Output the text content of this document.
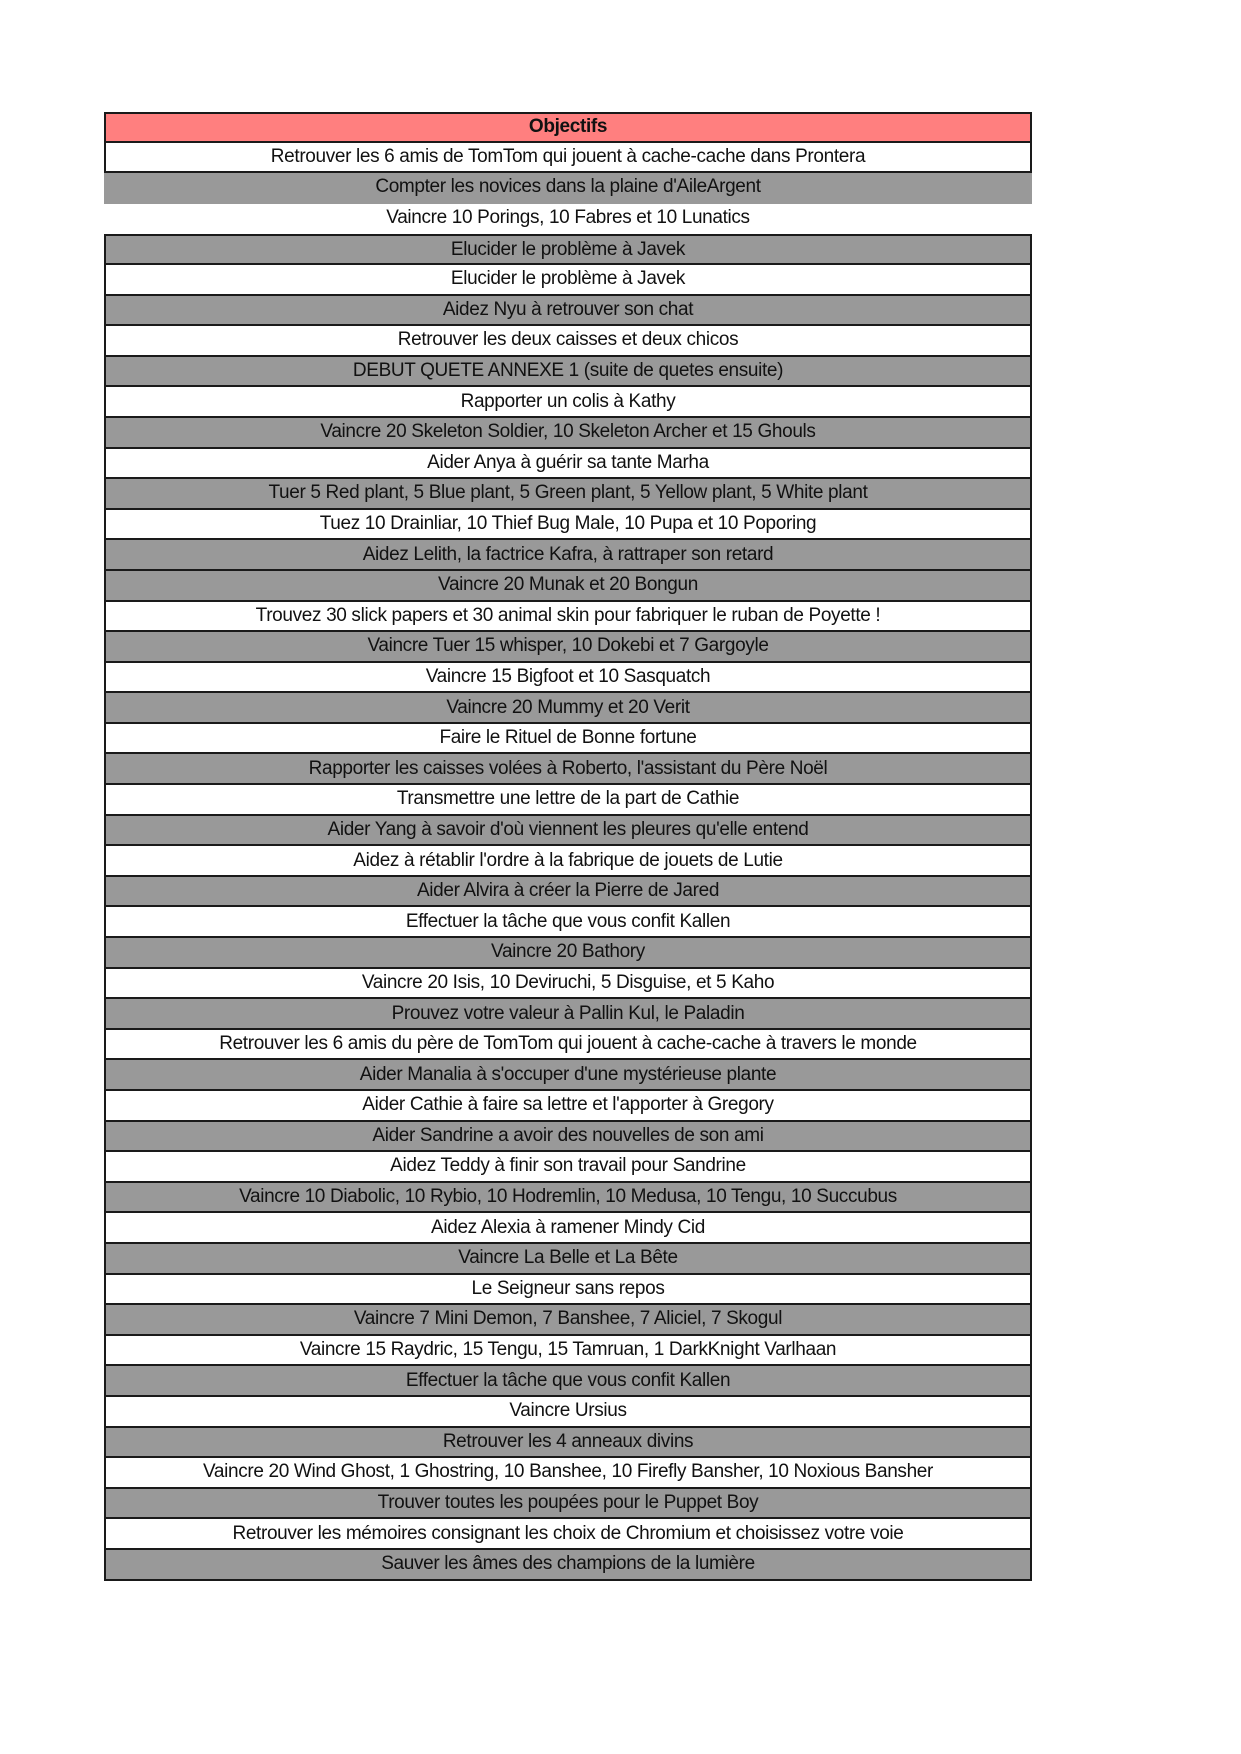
Objectifs
Retrouver les 6 amis de TomTom qui jouent à cache-cache dans Prontera
Compter les novices dans la plaine d'AileArgent
Vaincre 10 Porings, 10 Fabres et 10 Lunatics
Elucider le problème à Javek
Elucider le problème à Javek
Aidez Nyu à retrouver son chat
Retrouver les deux caisses et deux chicos
DEBUT QUETE ANNEXE 1 (suite de quetes ensuite)
Rapporter un colis à Kathy
Vaincre 20 Skeleton Soldier, 10 Skeleton Archer et 15 Ghouls
Aider Anya à guérir sa tante Marha
Tuer 5 Red plant, 5 Blue plant, 5 Green plant, 5 Yellow plant, 5 White plant
Tuez 10 Drainliar, 10 Thief Bug Male, 10 Pupa et 10 Poporing
Aidez Lelith, la factrice Kafra, à rattraper son retard
Vaincre 20 Munak et 20 Bongun
Trouvez 30 slick papers et 30 animal skin pour fabriquer le ruban de Poyette !
Vaincre Tuer 15 whisper, 10 Dokebi et 7 Gargoyle
Vaincre 15 Bigfoot et 10 Sasquatch
Vaincre 20 Mummy et 20 Verit
Faire le Rituel de Bonne fortune
Rapporter les caisses volées à Roberto, l'assistant du Père Noël
Transmettre une lettre de la part de Cathie
Aider Yang à savoir d'où viennent les pleures qu'elle entend
Aidez à rétablir l'ordre à la fabrique de jouets de Lutie
Aider Alvira à créer la Pierre de Jared
Effectuer la tâche que vous confit Kallen
Vaincre 20 Bathory
Vaincre 20 Isis, 10 Deviruchi, 5 Disguise, et 5 Kaho
Prouvez votre valeur à Pallin Kul, le Paladin
Retrouver les 6 amis du père de TomTom qui jouent à cache-cache à travers le monde
Aider Manalia à s'occuper d'une mystérieuse plante
Aider Cathie à faire sa lettre et l'apporter à Gregory
Aider Sandrine a avoir des nouvelles de son ami
Aidez Teddy à finir son travail pour Sandrine
Vaincre 10 Diabolic, 10 Rybio, 10 Hodremlin, 10 Medusa, 10 Tengu, 10 Succubus
Aidez Alexia à ramener Mindy Cid
Vaincre La Belle et La Bête
Le Seigneur sans repos
Vaincre 7 Mini Demon, 7 Banshee, 7 Aliciel, 7 Skogul
Vaincre 15 Raydric, 15 Tengu, 15 Tamruan, 1 DarkKnight Varlhaan
Effectuer la tâche que vous confit Kallen
Vaincre Ursius
Retrouver les 4 anneaux divins
Vaincre 20 Wind Ghost, 1 Ghostring, 10 Banshee, 10 Firefly Bansher, 10 Noxious Bansher
Trouver toutes les poupées pour le Puppet Boy
Retrouver les mémoires consignant les choix de Chromium et choisissez votre voie
Sauver les âmes des champions de la lumière
